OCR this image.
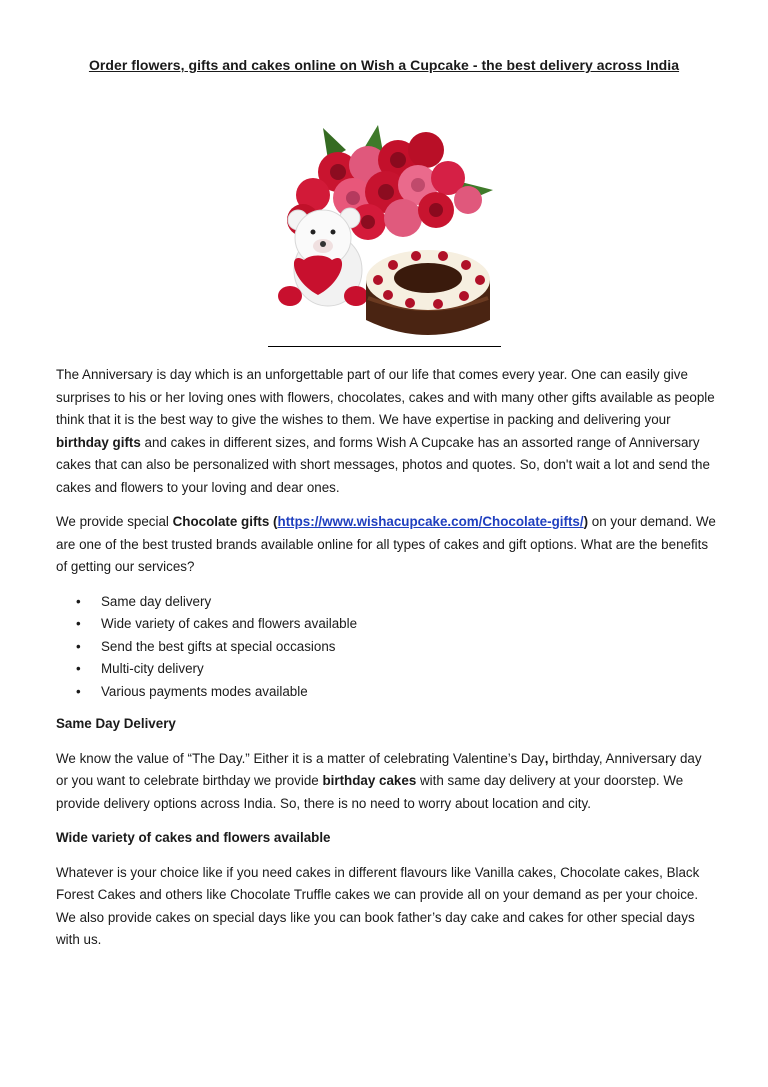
Order flowers, gifts and cakes online on Wish a Cupcake - the best delivery across India

The Anniversary is day which is an unforgettable part of our life that comes every year. One can easily give surprises to his or her loving ones with flowers, chocolates, cakes and with many other gifts available as people think that it is the best way to give the wishes to them. We have expertise in packing and delivering your birthday gifts and cakes in different sizes, and forms Wish A Cupcake has an assorted range of Anniversary cakes that can also be personalized with short messages, photos and quotes. So, don't wait a lot and send the cakes and flowers to your loving and dear ones.

We provide special Chocolate gifts (https://www.wishacupcake.com/Chocolate-gifts/) on your demand. We are one of the best trusted brands available online for all types of cakes and gift options. What are the benefits of getting our services?

• Same day delivery
• Wide variety of cakes and flowers available
• Send the best gifts at special occasions
• Multi-city delivery
• Various payments modes available
Same Day Delivery

We know the value of “The Day.” Either it is a matter of celebrating Valentine’s Day, birthday, Anniversary day or you want to celebrate birthday we provide birthday cakes with same day delivery at your doorstep. We provide delivery options across India. So, there is no need to worry about location and city.

Wide variety of cakes and flowers available

Whatever is your choice like if you need cakes in different flavours like Vanilla cakes, Chocolate cakes, Black Forest Cakes and others like Chocolate Truffle cakes we can provide all on your demand as per your choice. We also provide cakes on special days like you can book father’s day cake and cakes for other special days with us.
